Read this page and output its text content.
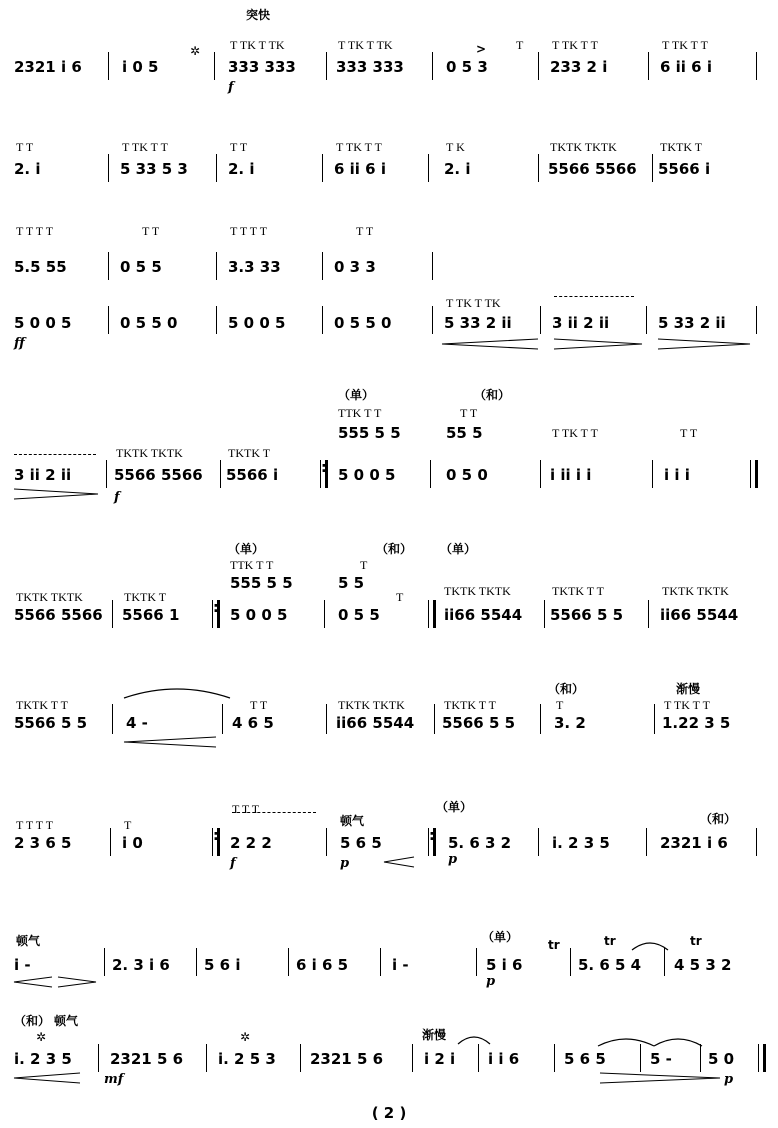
突快
✲
2321 i 6	i 0 5
T TK T TK
333 333
T TK T TK
333 333
> T
0 5 3
T TK T T
233 2 i
T TK T T
6 ii 6 i
f
T T
2. i
T TK T T
5 33 5 3
T T
2. i
T TK T T
6 ii 6 i
T K
2. i
TKTK TKTK
5566 5566
TKTK T
5566 i
T T T T
5.5 55
T T
0 5 5
T T T T
3.3 33
T T
0 3 3
5 0 0 5	0 5 5 0	5 0 0 5	0 5 5 0
T TK T TK
5 33 2 ii	3 ii 2 ii	5 33 2 ii
ff
（单）	（和）
TTK T T
555 5 5
T T
55 5
3 ii 2 ii
TKTK TKTK
5566 5566
TKTK T
5566 i :	5 0 0 5	0 5 0
T TK T T
i ii i i
T T
i i i
f
（单）	（和） （单）
TTK T T
555 5 5
T
5 5
TKTK TKTK
5566 5566
TKTK T
5566 1 :	5 0 0 5
T
0 5 5
TKTK TKTK
ii66 5544
TKTK T T
5566 5 5
TKTK TKTK
ii66 5544
（和）	渐慢
TKTK T T
5566 5 5	4 -
T T
4 6 5
TKTK TKTK
ii66 5544
TKTK T T
5566 5 5
T
3. 2
T TK T T
1.22 3 5
顿气
（单）
（和）
T T T T
2 3 6 5
T
i 0
:
T T T
2 2 2	5 6 5 :	5. 6 3 2	i. 2 3 5	2321 i 6
f	p	p
顿气	（单）
tr	tr	tr
i -	2. 3 i 6 5 6 i	6 i 6 5	i -	5 i 6	5. 6 5 4 4 5 3 2
p
（和） 顿气
✲	✲	渐慢
i. 2 3 5	2321 5 6 i. 2 5 3 2321 5 6	i 2 i i i 6	5 6 5	5 - 5 0
mf	p
( 2 )
